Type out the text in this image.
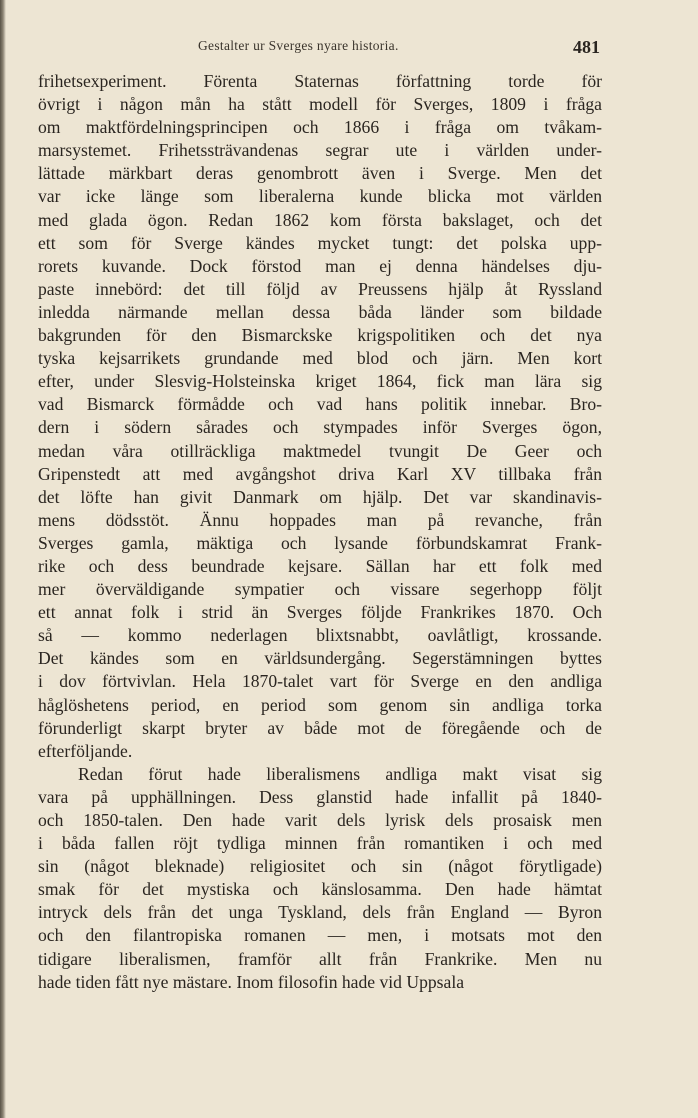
Gestalter ur Sverges nyare historia.	481
frihetsexperiment. Förenta Staternas författning torde för
övrigt i någon mån ha stått modell för Sverges, 1809 i fråga
om maktfördelningsprincipen och 1866 i fråga om tvåkam-
marsystemet. Frihetssträvandenas segrar ute i världen under-
lättade märkbart deras genombrott även i Sverge. Men det
var icke länge som liberalerna kunde blicka mot världen
med glada ögon. Redan 1862 kom första bakslaget, och det
ett som för Sverge kändes mycket tungt: det polska upp-
rorets kuvande. Dock förstod man ej denna händelses dju-
paste innebörd: det till följd av Preussens hjälp åt Ryssland
inledda närmande mellan dessa båda länder som bildade
bakgrunden för den Bismarckske krigspolitiken och det nya
tyska kejsarrikets grundande med blod och järn. Men kort
efter, under Slesvig-Holsteinska kriget 1864, fick man lära sig
vad Bismarck förmådde och vad hans politik innebar. Bro-
dern i södern sårades och stympades inför Sverges ögon,
medan våra otillräckliga maktmedel tvungit De Geer och
Gripenstedt att med avgångshot driva Karl XV tillbaka från
det löfte han givit Danmark om hjälp. Det var skandinavis-
mens dödsstöt. Ännu hoppades man på revanche, från
Sverges gamla, mäktiga och lysande förbundskamrat Frank-
rike och dess beundrade kejsare. Sällan har ett folk med
mer överväldigande sympatier och vissare segerhopp följt
ett annat folk i strid än Sverges följde Frankrikes 1870. Och
så — kommo nederlagen blixtsnabbt, oavlåtligt, krossande.
Det kändes som en världsundergång. Segerstämningen byttes
i dov förtvivlan. Hela 1870-talet vart för Sverge en den andliga
håglöshetens period, en period som genom sin andliga torka
förunderligt skarpt bryter av både mot de föregående och de
efterföljande.
Redan förut hade liberalismens andliga makt visat sig
vara på upphällningen. Dess glanstid hade infallit på 1840-
och 1850-talen. Den hade varit dels lyrisk dels prosaisk men
i båda fallen röjt tydliga minnen från romantiken i och med
sin (något bleknade) religiositet och sin (något förytligade)
smak för det mystiska och känslosamma. Den hade hämtat
intryck dels från det unga Tyskland, dels från England — Byron
och den filantropiska romanen — men, i motsats mot den
tidigare liberalismen, framför allt från Frankrike. Men nu
hade tiden fått nye mästare. Inom filosofin hade vid Uppsala
